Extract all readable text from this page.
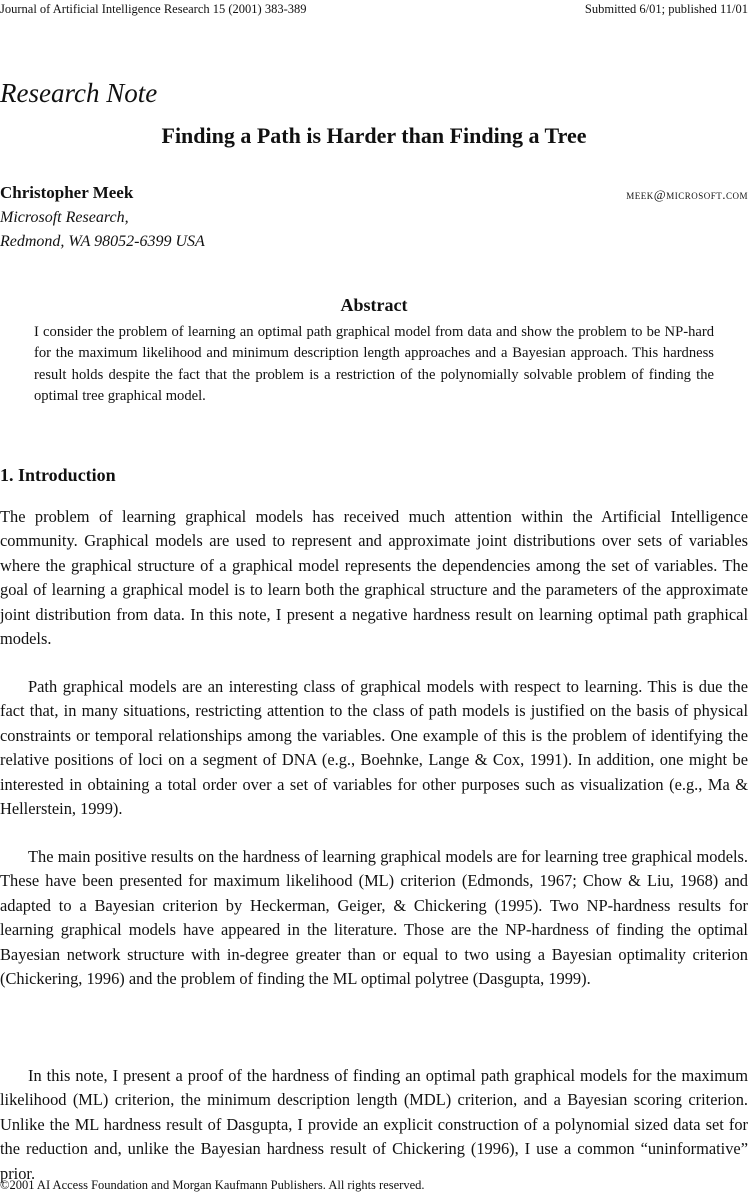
Journal of Artificial Intelligence Research 15 (2001) 383-389	Submitted 6/01; published 11/01
Research Note
Finding a Path is Harder than Finding a Tree
Christopher Meek	meek@microsoft.com
Microsoft Research,
Redmond, WA 98052-6399 USA
Abstract

I consider the problem of learning an optimal path graphical model from data and show the problem to be NP-hard for the maximum likelihood and minimum description length approaches and a Bayesian approach. This hardness result holds despite the fact that the problem is a restriction of the polynomially solvable problem of finding the optimal tree graphical model.

1. Introduction

The problem of learning graphical models has received much attention within the Artificial Intelligence community. Graphical models are used to represent and approximate joint distributions over sets of variables where the graphical structure of a graphical model represents the dependencies among the set of variables. The goal of learning a graphical model is to learn both the graphical structure and the parameters of the approximate joint distribution from data. In this note, I present a negative hardness result on learning optimal path graphical models.

Path graphical models are an interesting class of graphical models with respect to learning. This is due the fact that, in many situations, restricting attention to the class of path models is justified on the basis of physical constraints or temporal relationships among the variables. One example of this is the problem of identifying the relative positions of loci on a segment of DNA (e.g., Boehnke, Lange & Cox, 1991). In addition, one might be interested in obtaining a total order over a set of variables for other purposes such as visualization (e.g., Ma & Hellerstein, 1999).

The main positive results on the hardness of learning graphical models are for learning tree graphical models. These have been presented for maximum likelihood (ML) criterion (Edmonds, 1967; Chow & Liu, 1968) and adapted to a Bayesian criterion by Heckerman, Geiger, & Chickering (1995). Two NP-hardness results for learning graphical models have appeared in the literature. Those are the NP-hardness of finding the optimal Bayesian network structure with in-degree greater than or equal to two using a Bayesian optimality criterion (Chickering, 1996) and the problem of finding the ML optimal polytree (Dasgupta, 1999).

In this note, I present a proof of the hardness of finding an optimal path graphical models for the maximum likelihood (ML) criterion, the minimum description length (MDL) criterion, and a Bayesian scoring criterion. Unlike the ML hardness result of Dasgupta, I provide an explicit construction of a polynomial sized data set for the reduction and, unlike the Bayesian hardness result of Chickering (1996), I use a common “uninformative” prior.

©2001 AI Access Foundation and Morgan Kaufmann Publishers. All rights reserved.
